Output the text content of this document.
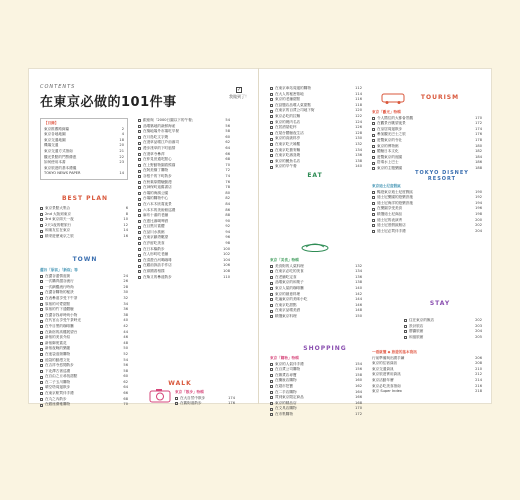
CONTENTS
在東京必做的101件事
✓
我做到了！
【目錄】
東京推薦路線篇	2
東京各地地圖	4
東京交通地圖	18
機場交通	20
東京交通方式指南	21
觀光景點的門票優惠	22
如何使用本書	23
東京旅遊的基本禮儀
TOKYO NEWS PAPER	14
BEST PLAN
東京景點大集合	6
2nd 大阪到東京	8
3rd 東京兩天一夜	10
2天1夜的輕旅行	12
和朋友住在東京	14
精采遊歷東京之旅	16
TOWN
澀谷「原宿」「新宿」等
在澀谷盡情逛街	24
一次購齊澀谷流行	26
一次網羅流行時尚	28
在澀谷購物的秘訣	30
在表參道享受下午茶	32
原宿的可愛甜點	34
原宿的竹下通體驗	36
在澀谷找尋時尚小物	38
在代官山享受午茶時光	40
在中目黑的咖啡廳	42
在新宿的高樓展望台	44
新宿的美食介紹	46
新宿御苑賞花	48
新宿夜晚的樂趣	50
在池袋逛街購物	52
池袋的動漫文化	54
在吉祥寺悠閒散步	56
下北澤古著巡禮	58
在自由之丘尋找甜點	60
在二子玉川購物	62
晴空塔周邊散步	64
在東京駅買伴手禮	66
在丸之內散步	68
在銀座優雅購物	70
銀座與「2000日圓以下的午餐」	54
品嚐築地的新鮮海產	56
在築地場外市場吃早餐	58
在月島吃文字燒	60
在淺草品嚐江戶前壽司	62
漫步淺草的下町風情	64
在淺草寺參拜	66
在仲見世通吃點心	68
在上野動物園看熊貓	70
在阿美橫丁購物	72
谷根千的下町散步	74
在秋葉原體驗動漫	76
在神保町逛舊書店	78
台場的海濱公園	80
台場的購物中心	82
在六本木欣賞夜景	84
六本木的美術館巡禮	86
麻布十番的老舖	88
在惠比壽喝啤酒	90
在目黑川賞櫻	92
在品川水族館	94
在東京鐵塔眺望	96
在汐留吃美食	98
在日本橋散步	100
在人形町吃老舖	102
在清澄白河喝咖啡	104
在藏前探訪手作店	106
在兩國看相撲	108
在柴又的參道散步	110
WALK
東京「散步」特輯
在大自然中散步	174
在舊街道散步	176
在東京車站周邊的購物	112
在大人的秘密基地	114
東京的老舖甜點	116
在話題店品嚐人氣甜點	118
在東京的百貨公司地下街	120
東京必吃的拉麵	122
東京的燒肉名店	124
在居酒屋乾杯	126
在屋台體驗夜生活	128
東京的高級料亭	130
在東京吃天婦羅	132
在東京吃蕎麥麵	134
在東京吃壽喜燒	136
東京的鰻魚名店	138
東京的早午餐	140
EAT
東京「美食」特輯
美食街的人氣料理	132
在東京必吃的美食	134
在老舖吃定食	136
品嚐東京的和菓子	138
東京人氣的咖啡廳	140
東京的創意料理	142
吃遍東京的美味小吃	144
在東京吃甜點	146
在東京品嚐美酒	148
精選東京料理	150
SHOPPING
東京「購物」特輯
東京的人氣伴手禮	154
在百貨公司購物	156
在雜貨店尋寶	158
在藥妝店購物	160
在超市挖寶	162
在二手店購物	164
買到東京限定商品	166
東京的精品店	168
在文具店購物	170
在市集購物	172
TOURISM
東京「觀光」特輯
令人嚮往的大都會景觀	170
在觀景台眺望夜景	172
在皇居周邊散步	174
參加觀光巴士之旅	176
遊覽東京的寺社	178
東京的博物館	180
體驗日本文化	182
遊覽東京的庭園	184
搭乘水上巴士	186
東京的主題樂園	188
TOKYO DISNEY RESORT
東京迪士尼度假區
暢遊東京迪士尼度假區	190
迪士尼樂園的遊樂設施	192
迪士尼海洋的遊樂設施	194
在樂園享受美食	196
精選迪士尼商品	198
迪士尼的表演秀	200
迪士尼度假區飯店	202
迪士尼必買伴手禮	204
STAY
住在東京的飯店	202
設計旅店	203
膠囊旅館	204
和風旅館	205
一看就懂 ◆ 旅遊的基本資訊
行前準備與出國手續	206
東京的住宿資訊	208
東京交通資訊	210
東京旅遊實用資訊	212
東京活動年曆	214
東京必吃美食指南	216
東京 Super Index	218
